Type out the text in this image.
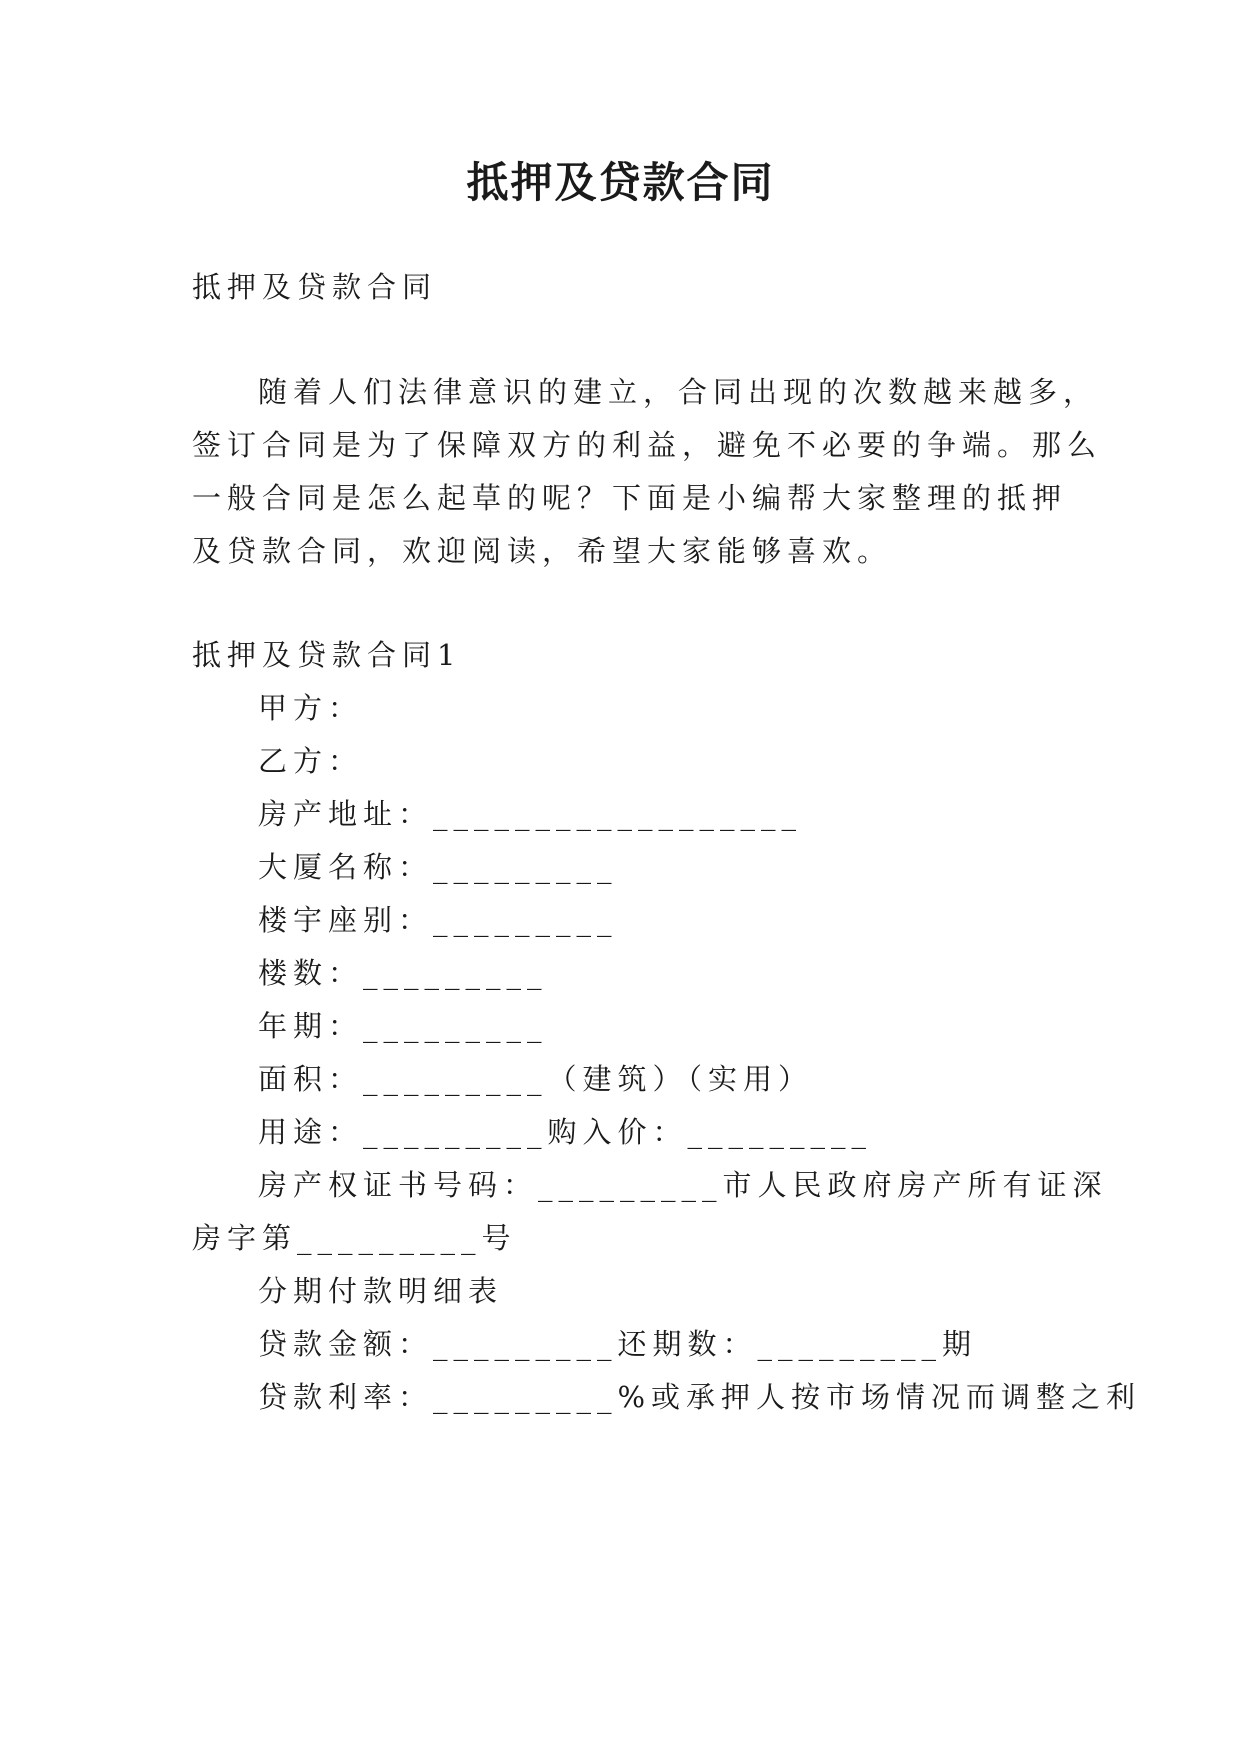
抵押及贷款合同
抵押及贷款合同
随着人们法律意识的建立，合同出现的次数越来越多，
签订合同是为了保障双方的利益，避免不必要的争端。那么
一般合同是怎么起草的呢？下面是小编帮大家整理的抵押
及贷款合同，欢迎阅读，希望大家能够喜欢。
抵押及贷款合同1
甲方：
乙方：
房产地址：__________________
大厦名称：_________
楼宇座别：_________
楼数：_________
年期：_________
面积：_________（建筑）（实用）
用途：_________购入价：_________
房产权证书号码：_________市人民政府房产所有证深
房字第_________号
分期付款明细表
贷款金额：_________还期数：_________期
贷款利率：_________%或承押人按市场情况而调整之利
